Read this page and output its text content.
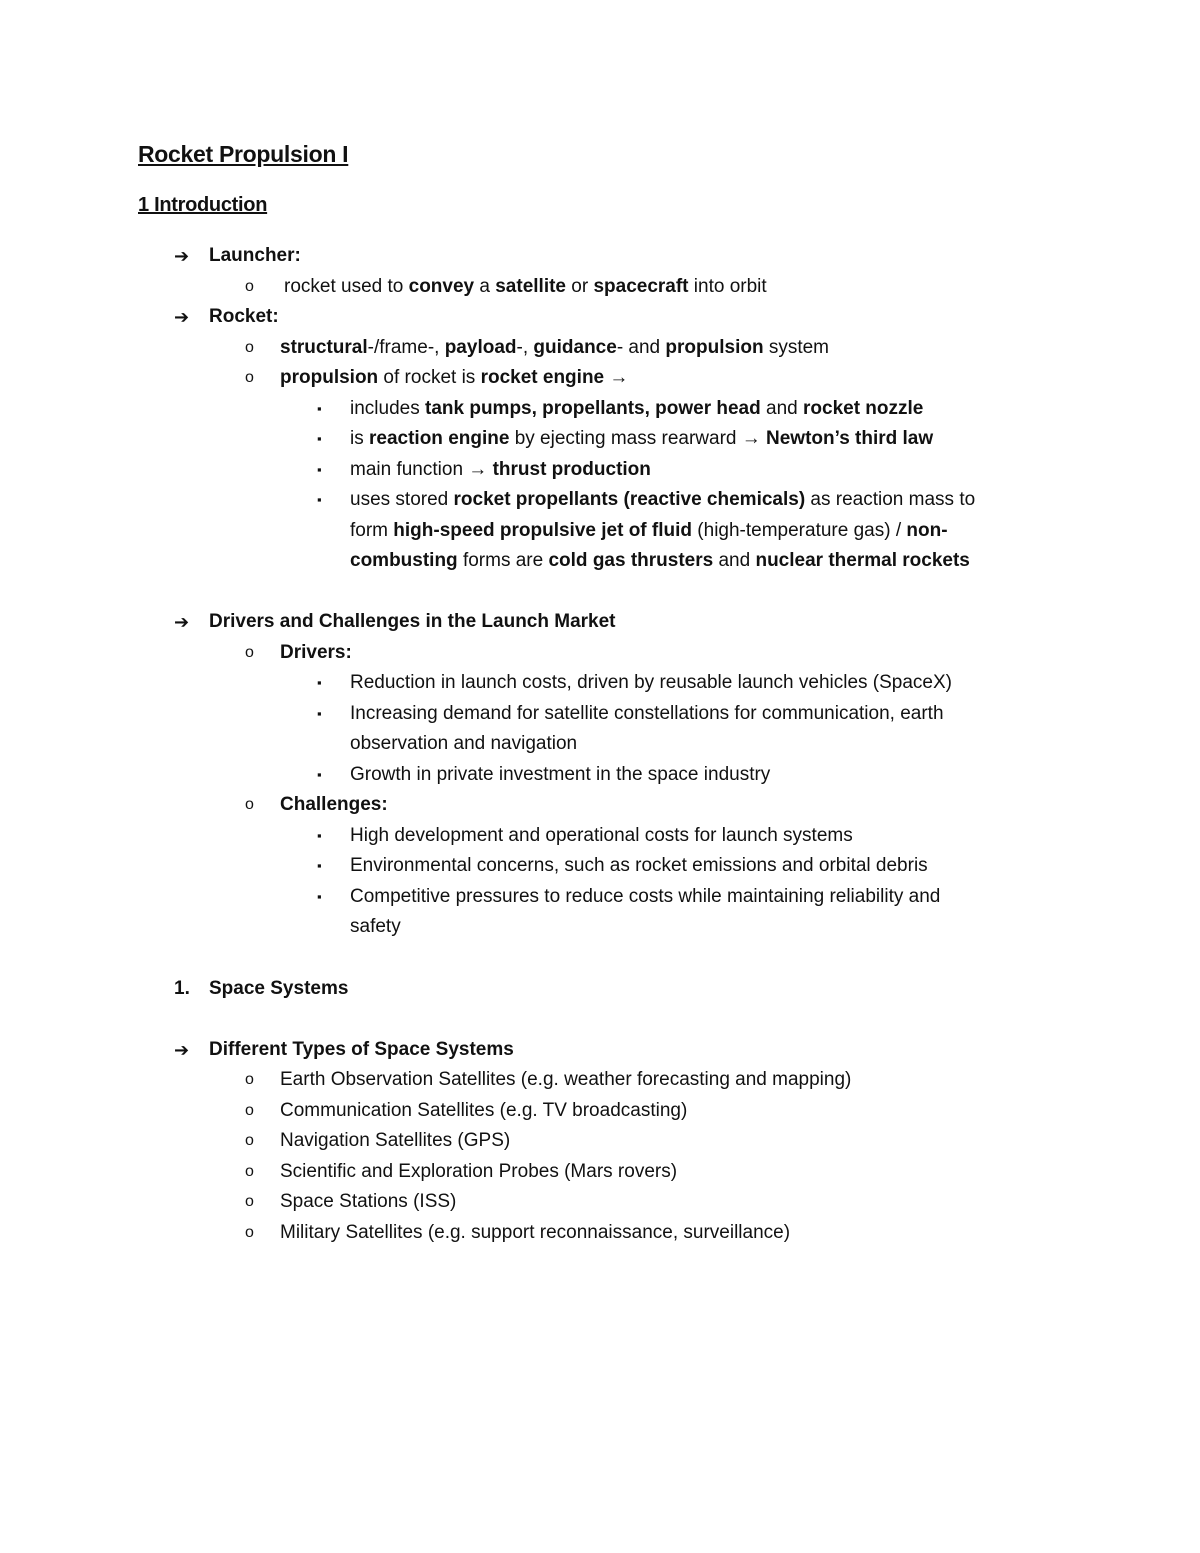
Rocket Propulsion I
1 Introduction
➔ Launcher:
o rocket used to convey a satellite or spacecraft into orbit
➔ Rocket:
o structural-/frame-, payload-, guidance- and propulsion system
o propulsion of rocket is rocket engine →
▪ includes tank pumps, propellants, power head and rocket nozzle
▪ is reaction engine by ejecting mass rearward → Newton’s third law
▪ main function → thrust production
▪ uses stored rocket propellants (reactive chemicals) as reaction mass to
form high-speed propulsive jet of fluid (high-temperature gas) / non-
combusting forms are cold gas thrusters and nuclear thermal rockets
➔ Drivers and Challenges in the Launch Market
o Drivers:
▪ Reduction in launch costs, driven by reusable launch vehicles (SpaceX)
▪ Increasing demand for satellite constellations for communication, earth
observation and navigation
▪ Growth in private investment in the space industry
o Challenges:
▪ High development and operational costs for launch systems
▪ Environmental concerns, such as rocket emissions and orbital debris
▪ Competitive pressures to reduce costs while maintaining reliability and
safety
1. Space Systems
➔ Different Types of Space Systems
o Earth Observation Satellites (e.g. weather forecasting and mapping)
o Communication Satellites (e.g. TV broadcasting)
o Navigation Satellites (GPS)
o Scientific and Exploration Probes (Mars rovers)
o Space Stations (ISS)
o Military Satellites (e.g. support reconnaissance, surveillance)
